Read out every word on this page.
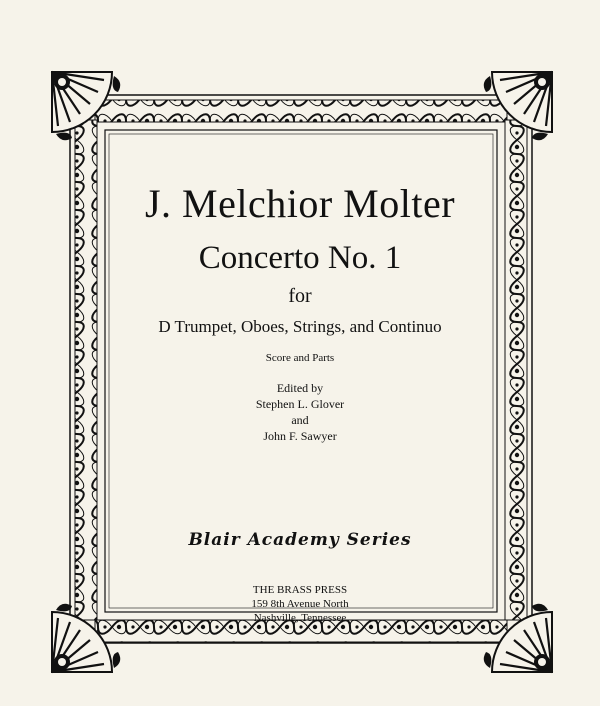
J. Melchior Molter
Concerto No. 1
for
D Trumpet, Oboes, Strings, and Continuo
Score and Parts
Edited by
Stephen L. Glover
and
John F. Sawyer
Blair Academy Series
THE BRASS PRESS
159 8th Avenue North
Nashville, Tennessee
